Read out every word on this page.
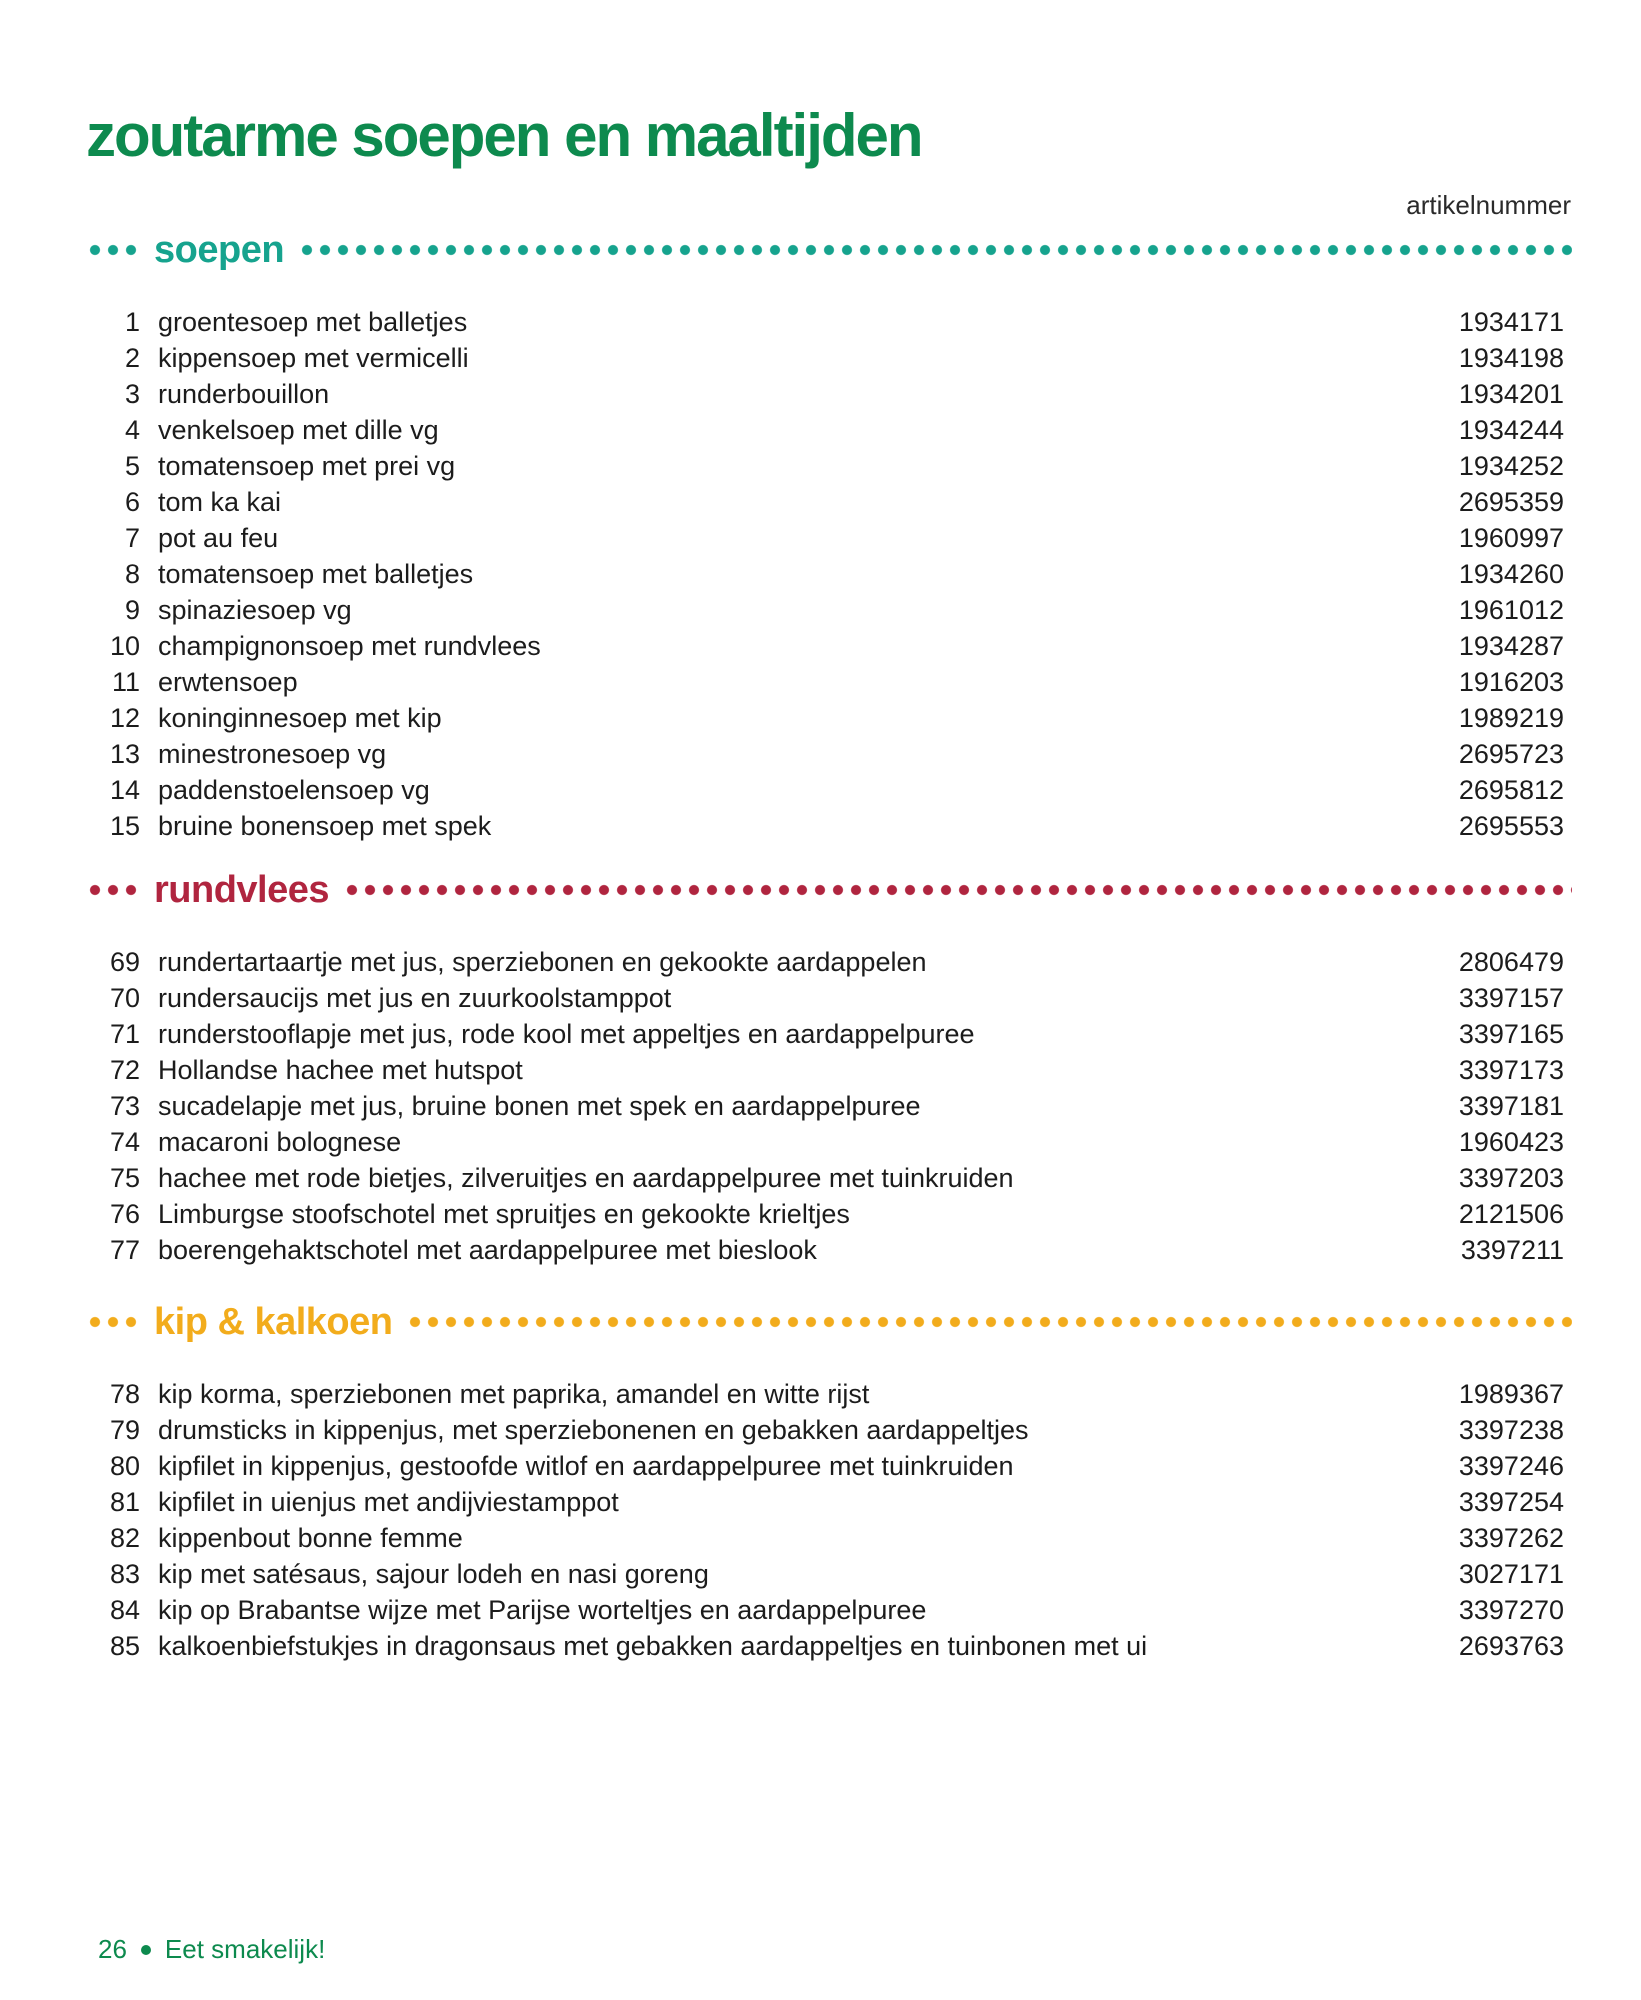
zoutarme soepen en maaltijden
artikelnummer
soepen
1 groentesoep met balletjes	1934171
2 kippensoep met vermicelli	1934198
3 runderbouillon	1934201
4 venkelsoep met dille vg	1934244
5 tomatensoep met prei vg	1934252
6 tom ka kai	2695359
7 pot au feu	1960997
8 tomatensoep met balletjes	1934260
9 spinaziesoep vg	1961012
10 champignonsoep met rundvlees	1934287
11 erwtensoep	1916203
12 koninginnesoep met kip	1989219
13 minestronesoep vg	2695723
14 paddenstoelensoep vg	2695812
15 bruine bonensoep met spek	2695553
rundvlees
69 rundertartaartje met jus, sperziebonen en gekookte aardappelen	2806479
70 rundersaucijs met jus en zuurkoolstamppot	3397157
71 runderstooflapje met jus, rode kool met appeltjes en aardappelpuree	3397165
72 Hollandse hachee met hutspot	3397173
73 sucadelapje met jus, bruine bonen met spek en aardappelpuree	3397181
74 macaroni bolognese	1960423
75 hachee met rode bietjes, zilveruitjes en aardappelpuree met tuinkruiden	3397203
76 Limburgse stoofschotel met spruitjes en gekookte krieltjes	2121506
77 boerengehaktschotel met aardappelpuree met bieslook	3397211
kip & kalkoen
78 kip korma, sperziebonen met paprika, amandel en witte rijst	1989367
79 drumsticks in kippenjus, met sperziebonenen en gebakken aardappeltjes	3397238
80 kipfilet in kippenjus, gestoofde witlof en aardappelpuree met tuinkruiden	3397246
81 kipfilet in uienjus met andijviestamppot	3397254
82 kippenbout bonne femme	3397262
83 kip met satésaus, sajour lodeh en nasi goreng	3027171
84 kip op Brabantse wijze met Parijse worteltjes en aardappelpuree	3397270
85 kalkoenbiefstukjes in dragonsaus met gebakken aardappeltjes en tuinbonen met ui	2693763
26 Eet smakelijk!
